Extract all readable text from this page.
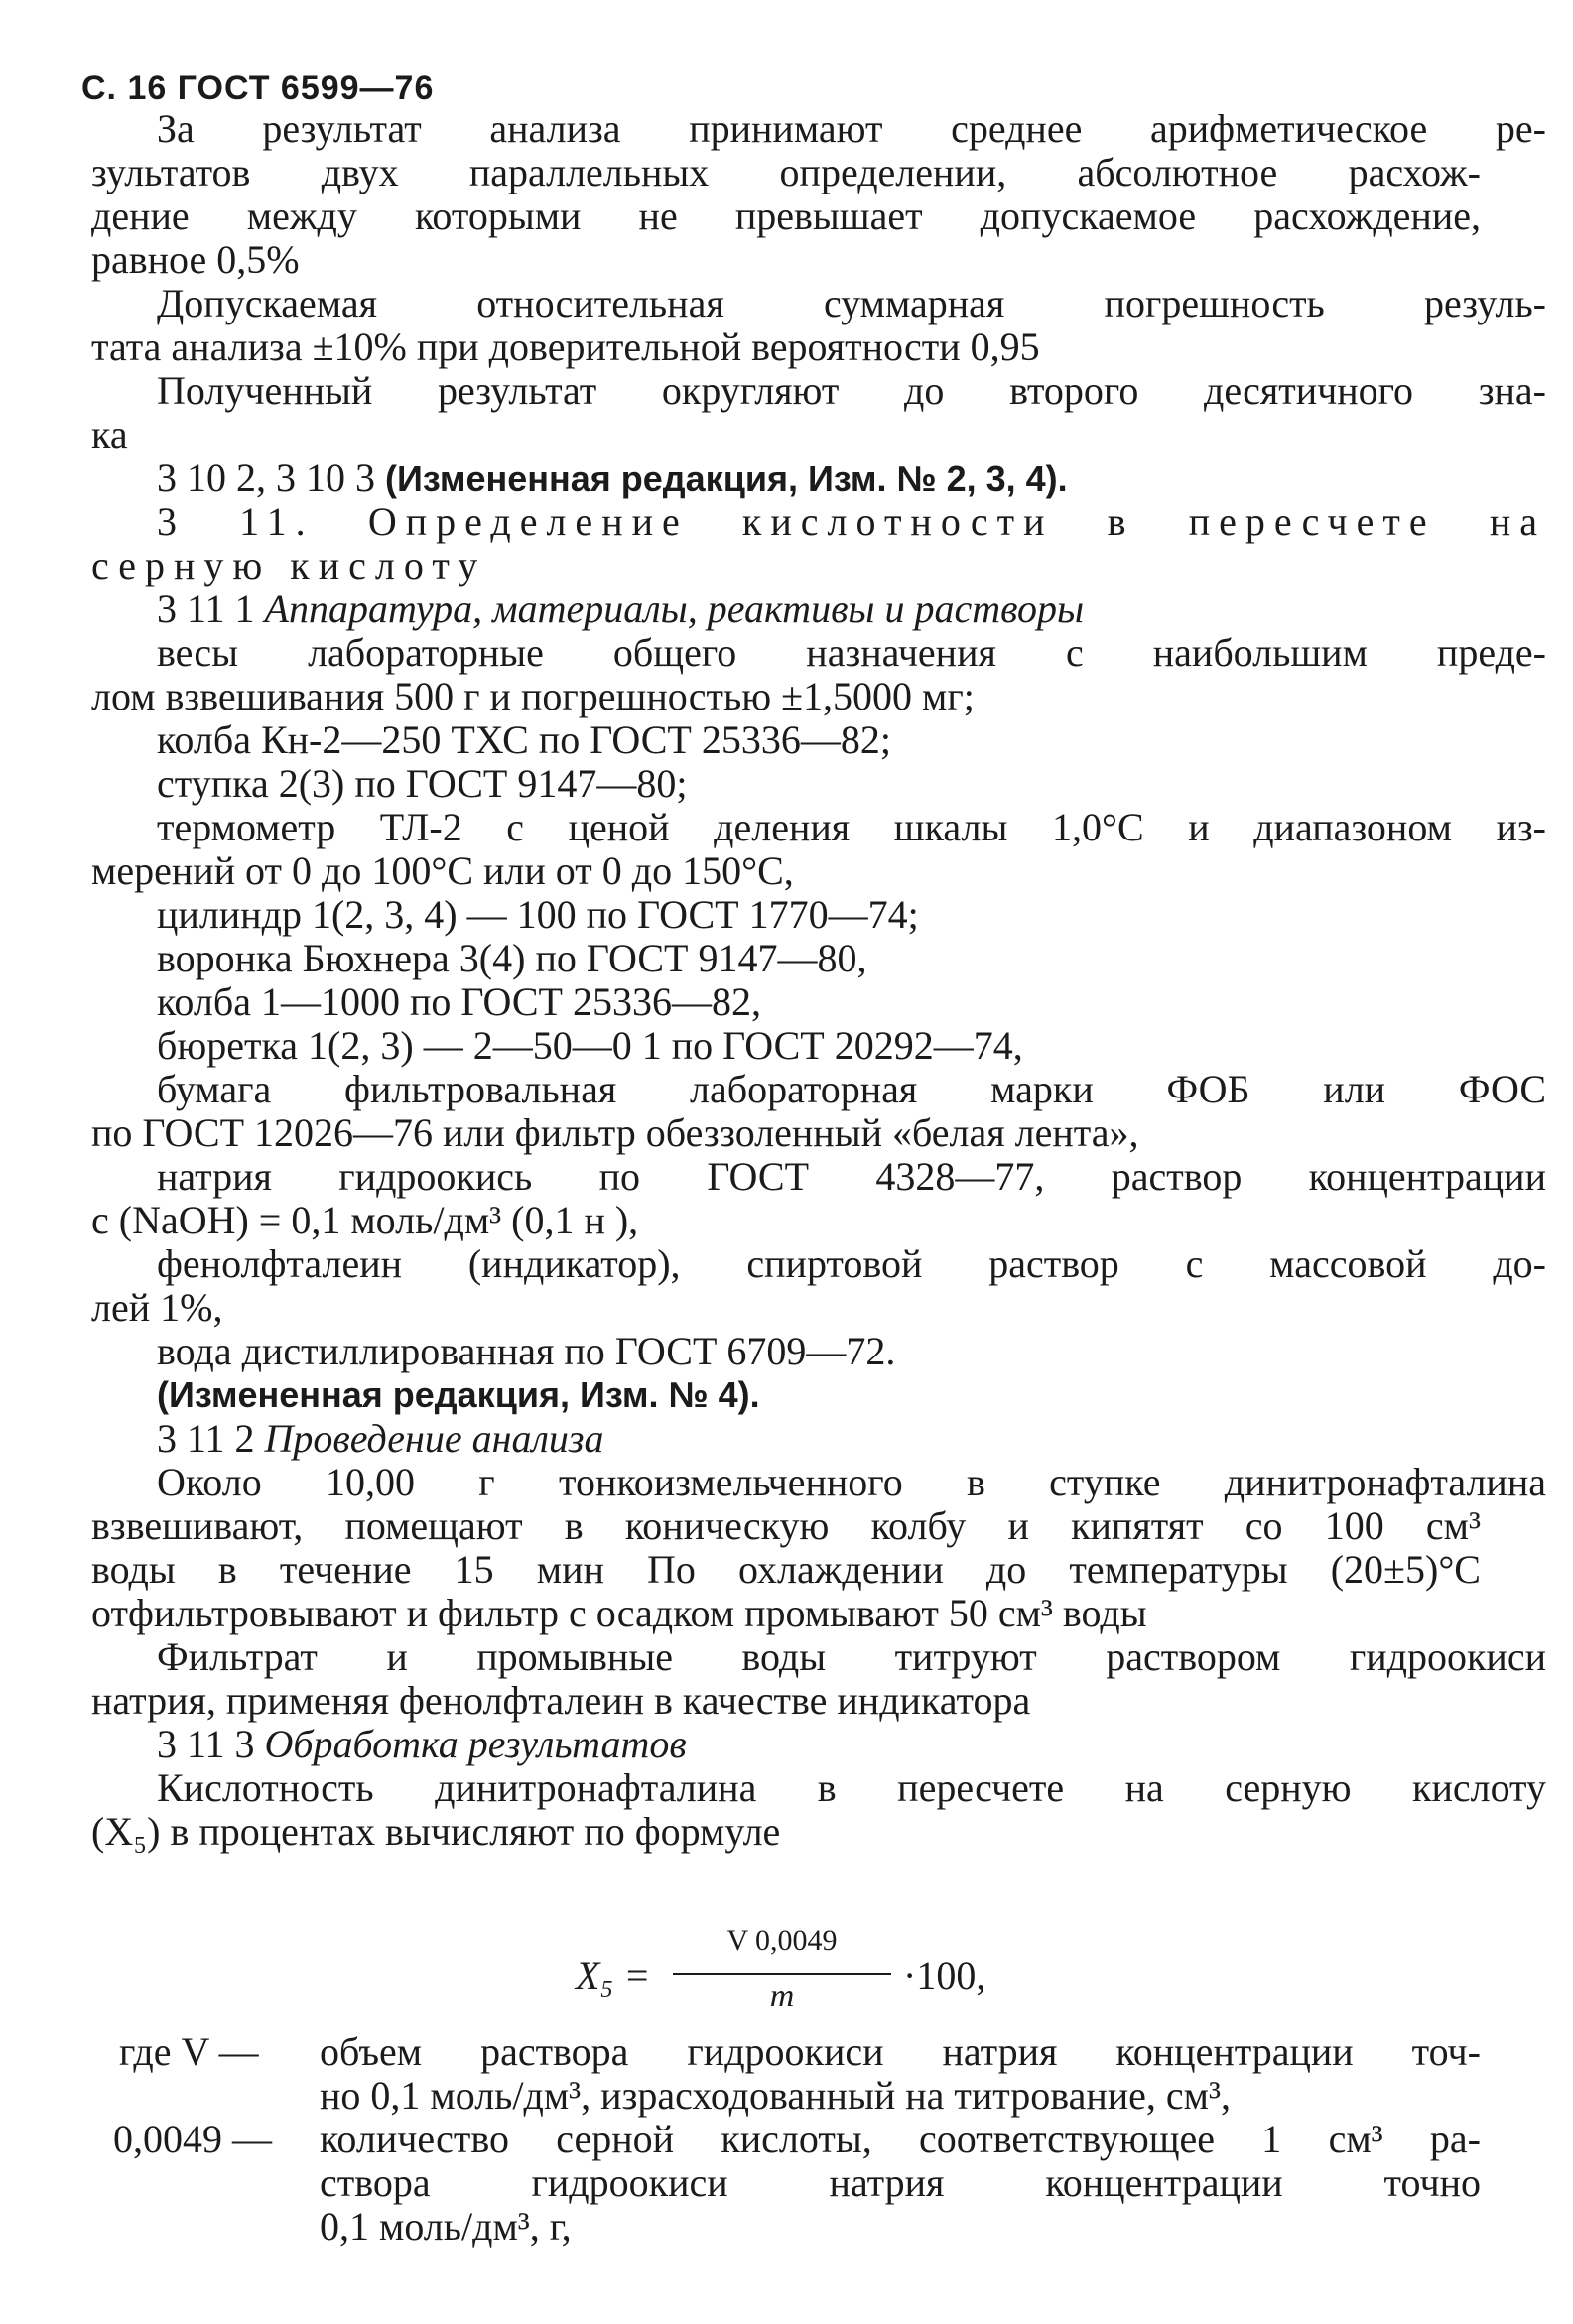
С. 16 ГОСТ 6599—76
За результат анализа принимают среднее арифметическое ре-
зультатов двух параллельных определении, абсолютное расхож-
дение между которыми не превышает допускаемое расхождение,
равное 0,5%
Допускаемая относительная суммарная погрешность резуль-
тата анализа ±10% при доверительной вероятности 0,95
Полученный результат округляют до второго десятичного зна-
ка
3 10 2, 3 10 3 (Измененная редакция, Изм. № 2, 3, 4).
3 11. Определение кислотности в пересчете на
серную кислоту
3 11 1 Аппаратура, материалы, реактивы и растворы
весы лабораторные общего назначения с наибольшим преде-
лом взвешивания 500 г и погрешностью ±1,5000 мг;
колба Кн-2—250 ТХС по ГОСТ 25336—82;
ступка 2(3) по ГОСТ 9147—80;
термометр ТЛ-2 с ценой деления шкалы 1,0°С и диапазоном из-
мерений от 0 до 100°С или от 0 до 150°С,
цилиндр 1(2, 3, 4) — 100 по ГОСТ 1770—74;
воронка Бюхнера 3(4) по ГОСТ 9147—80,
колба 1—1000 по ГОСТ 25336—82,
бюретка 1(2, 3) — 2—50—0 1 по ГОСТ 20292—74,
бумага фильтровальная лабораторная марки ФОБ или ФОС
по ГОСТ 12026—76 или фильтр обеззоленный «белая лента»,
натрия гидроокись по ГОСТ 4328—77, раствор концентрации
c (NaOH) = 0,1 моль/дм³ (0,1 н ),
фенолфталеин (индикатор), спиртовой раствор с массовой до-
лей 1%,
вода дистиллированная по ГОСТ 6709—72.
(Измененная редакция, Изм. № 4).
3 11 2 Проведение анализа
Около 10,00 г тонкоизмельченного в ступке динитронафталина
взвешивают, помещают в коническую колбу и кипятят со 100 см³
воды в течение 15 мин По охлаждении до температуры (20±5)°С
отфильтровывают и фильтр с осадком промывают 50 см³ воды
Фильтрат и промывные воды титруют раствором гидроокиси
натрия, применяя фенолфталеин в качестве индикатора
3 11 3 Обработка результатов
Кислотность динитронафталина в пересчете на серную кислоту
(X₅) в процентах вычисляют по формуле
X₅ =
V 0,0049
m	·100,
где V — объем раствора гидроокиси натрия концентрации точ-
но 0,1 моль/дм³, израсходованный на титрование, см³,
0,0049 — количество серной кислоты, соответствующее 1 см³ ра-
створа гидроокиси натрия концентрации точно
0,1 моль/дм³, г,
